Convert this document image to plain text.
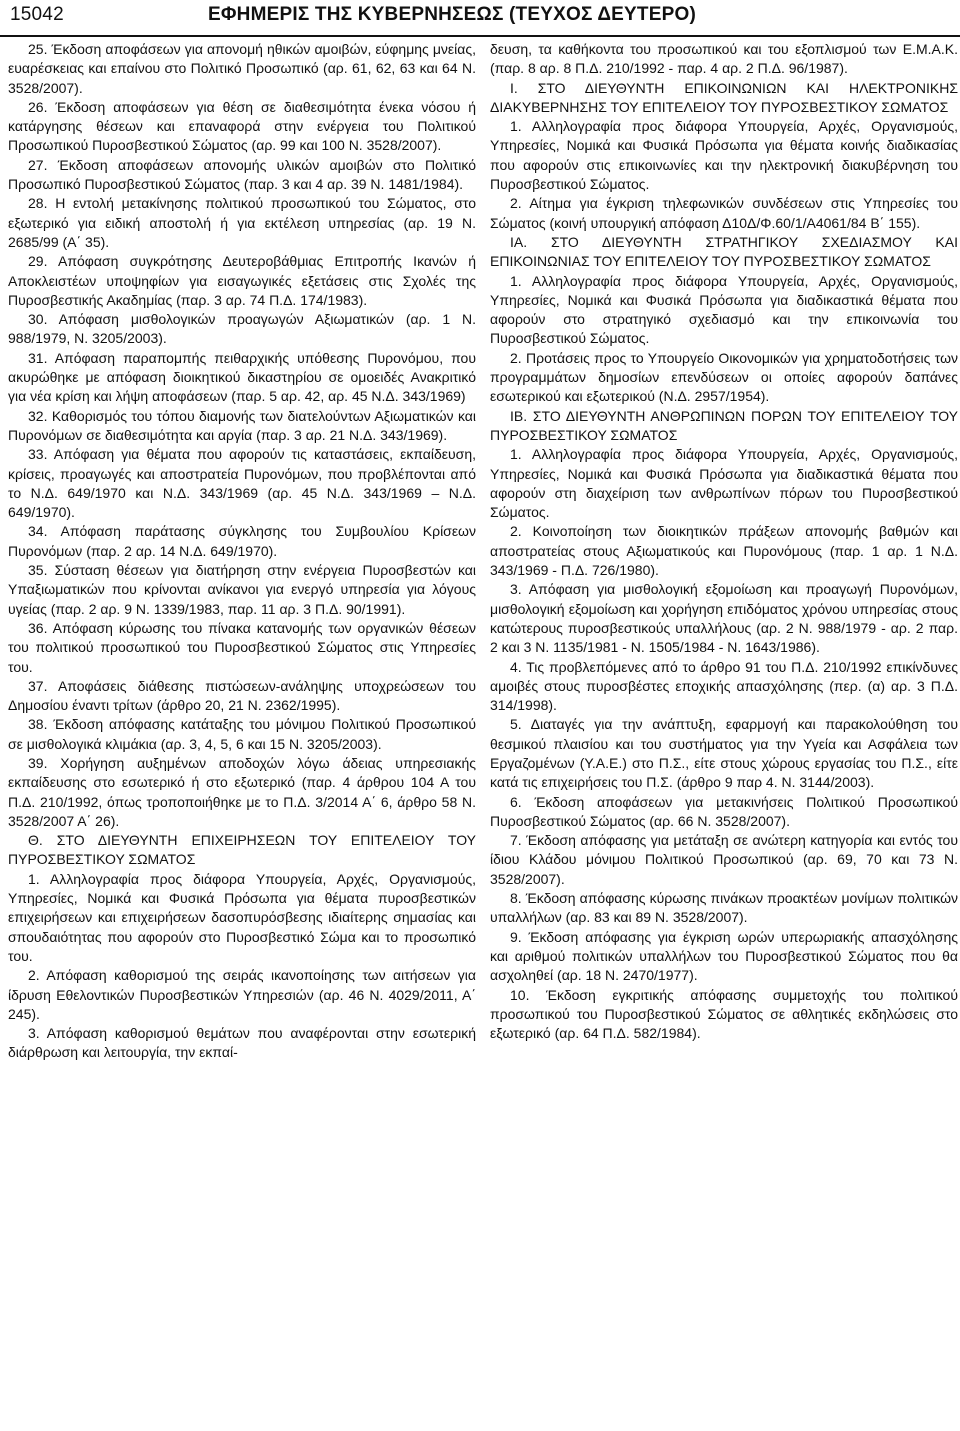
15042	ΕΦΗΜΕΡΙΣ ΤΗΣ ΚΥΒΕΡΝΗΣΕΩΣ (ΤΕΥΧΟΣ ΔΕΥΤΕΡΟ)

25. Έκδοση αποφάσεων για απονομή ηθικών αμοιβών, εύφημης μνείας, ευαρέσκειας και επαίνου στο Πολιτικό Προσωπικό (αρ. 61, 62, 63 και 64 Ν. 3528/2007).

26. Έκδοση αποφάσεων για θέση σε διαθεσιμότητα ένεκα νόσου ή κατάργησης θέσεων και επαναφορά στην ενέργεια του Πολιτικού Προσωπικού Πυροσβεστικού Σώματος (αρ. 99 και 100 Ν. 3528/2007).

27. Έκδοση αποφάσεων απονομής υλικών αμοιβών στο Πολιτικό Προσωπικό Πυροσβεστικού Σώματος (παρ. 3 και 4 αρ. 39 Ν. 1481/1984).

28. Η εντολή μετακίνησης πολιτικού προσωπικού του Σώματος, στο εξωτερικό για ειδική αποστολή ή για εκτέλεση υπηρεσίας (αρ. 19 Ν. 2685/99 (Α΄ 35).

29. Απόφαση συγκρότησης Δευτεροβάθμιας Επιτροπής Ικανών ή Αποκλειστέων υποψηφίων για εισαγωγικές εξετάσεις στις Σχολές της Πυροσβεστικής Ακαδημίας (παρ. 3 αρ. 74 Π.Δ. 174/1983).

30. Απόφαση μισθολογικών προαγωγών Αξιωματικών (αρ. 1 Ν. 988/1979, Ν. 3205/2003).

31. Απόφαση παραπομπής πειθαρχικής υπόθεσης Πυρονόμου, που ακυρώθηκε με απόφαση διοικητικού δικαστηρίου σε ομοειδές Ανακριτικό για νέα κρίση και λήψη αποφάσεων (παρ. 5 αρ. 42, αρ. 45 Ν.Δ. 343/1969)

32. Καθορισμός του τόπου διαμονής των διατελούντων Αξιωματικών και Πυρονόμων σε διαθεσιμότητα και αργία (παρ. 3 αρ. 21 Ν.Δ. 343/1969).

33. Απόφαση για θέματα που αφορούν τις καταστάσεις, εκπαίδευση, κρίσεις, προαγωγές και αποστρατεία Πυρονόμων, που προβλέπονται από το Ν.Δ. 649/1970 και Ν.Δ. 343/1969 (αρ. 45 Ν.Δ. 343/1969 – Ν.Δ. 649/1970).

34. Απόφαση παράτασης σύγκλησης του Συμβουλίου Κρίσεων Πυρονόμων (παρ. 2 αρ. 14 Ν.Δ. 649/1970).

35. Σύσταση θέσεων για διατήρηση στην ενέργεια Πυροσβεστών και Υπαξιωματικών που κρίνονται ανίκανοι για ενεργό υπηρεσία για λόγους υγείας (παρ. 2 αρ. 9 Ν. 1339/1983, παρ. 11 αρ. 3 Π.Δ. 90/1991).

36. Απόφαση κύρωσης του πίνακα κατανομής των οργανικών θέσεων του πολιτικού προσωπικού του Πυροσβεστικού Σώματος στις Υπηρεσίες του.

37. Αποφάσεις διάθεσης πιστώσεων-ανάληψης υποχρεώσεων του Δημοσίου έναντι τρίτων (άρθρο 20, 21 Ν. 2362/1995).

38. Έκδοση απόφασης κατάταξης του μόνιμου Πολιτικού Προσωπικού σε μισθολογικά κλιμάκια (αρ. 3, 4, 5, 6 και 15 Ν. 3205/2003).

39. Χορήγηση αυξημένων αποδοχών λόγω άδειας υπηρεσιακής εκπαίδευσης στο εσωτερικό ή στο εξωτερικό (παρ. 4 άρθρου 104 Α του Π.Δ. 210/1992, όπως τροποποιήθηκε με το Π.Δ. 3/2014 Α΄ 6, άρθρο 58 Ν. 3528/2007 Α΄ 26).

Θ. ΣΤΟ ΔΙΕΥΘΥΝΤΗ ΕΠΙΧΕΙΡΗΣΕΩΝ ΤΟΥ ΕΠΙΤΕΛΕΙΟΥ ΤΟΥ ΠΥΡΟΣΒΕΣΤΙΚΟΥ ΣΩΜΑΤΟΣ

1. Αλληλογραφία προς διάφορα Υπουργεία, Αρχές, Οργανισμούς, Υπηρεσίες, Νομικά και Φυσικά Πρόσωπα για θέματα πυροσβεστικών επιχειρήσεων και επιχειρήσεων δασοπυρόσβεσης ιδιαίτερης σημασίας και σπουδαιότητας που αφορούν στο Πυροσβεστικό Σώμα και το προσωπικό του.

2. Απόφαση καθορισμού της σειράς ικανοποίησης των αιτήσεων για ίδρυση Εθελοντικών Πυροσβεστικών Υπηρεσιών (αρ. 46 Ν. 4029/2011, Α΄ 245).

3. Απόφαση καθορισμού θεμάτων που αναφέρονται στην εσωτερική διάρθρωση και λειτουργία, την εκπαί-

δευση, τα καθήκοντα του προσωπικού και του εξοπλισμού των Ε.Μ.Α.Κ. (παρ. 8 αρ. 8 Π.Δ. 210/1992 - παρ. 4 αρ. 2 Π.Δ. 96/1987).

Ι. ΣΤΟ ΔΙΕΥΘΥΝΤΗ ΕΠΙΚΟΙΝΩΝΙΩΝ ΚΑΙ ΗΛΕΚΤΡΟΝΙΚΗΣ ΔΙΑΚΥΒΕΡΝΗΣΗΣ ΤΟΥ ΕΠΙΤΕΛΕΙΟΥ ΤΟΥ ΠΥΡΟΣΒΕΣΤΙΚΟΥ ΣΩΜΑΤΟΣ

1. Αλληλογραφία προς διάφορα Υπουργεία, Αρχές, Οργανισμούς, Υπηρεσίες, Νομικά και Φυσικά Πρόσωπα για θέματα κοινής διαδικασίας που αφορούν στις επικοινωνίες και την ηλεκτρονική διακυβέρνηση του Πυροσβεστικού Σώματος.

2. Αίτημα για έγκριση τηλεφωνικών συνδέσεων στις Υπηρεσίες του Σώματος (κοινή υπουργική απόφαση Δ10Δ/Φ.60/1/Α4061/84 Β΄ 155).

ΙΑ. ΣΤΟ ΔΙΕΥΘΥΝΤΗ ΣΤΡΑΤΗΓΙΚΟΥ ΣΧΕΔΙΑΣΜΟΥ ΚΑΙ ΕΠΙΚΟΙΝΩΝΙΑΣ ΤΟΥ ΕΠΙΤΕΛΕΙΟΥ ΤΟΥ ΠΥΡΟΣΒΕΣΤΙΚΟΥ ΣΩΜΑΤΟΣ

1. Αλληλογραφία προς διάφορα Υπουργεία, Αρχές, Οργανισμούς, Υπηρεσίες, Νομικά και Φυσικά Πρόσωπα για διαδικαστικά θέματα που αφορούν στο στρατηγικό σχεδιασμό και την επικοινωνία του Πυροσβεστικού Σώματος.

2. Προτάσεις προς το Υπουργείο Οικονομικών για χρηματοδοτήσεις των προγραμμάτων δημοσίων επενδύσεων οι οποίες αφορούν δαπάνες εσωτερικού και εξωτερικού (Ν.Δ. 2957/1954).

ΙΒ. ΣΤΟ ΔΙΕΥΘΥΝΤΗ ΑΝΘΡΩΠΙΝΩΝ ΠΟΡΩΝ ΤΟΥ ΕΠΙΤΕΛΕΙΟΥ ΤΟΥ ΠΥΡΟΣΒΕΣΤΙΚΟΥ ΣΩΜΑΤΟΣ

1. Αλληλογραφία προς διάφορα Υπουργεία, Αρχές, Οργανισμούς, Υπηρεσίες, Νομικά και Φυσικά Πρόσωπα για διαδικαστικά θέματα που αφορούν στη διαχείριση των ανθρωπίνων πόρων του Πυροσβεστικού Σώματος.

2. Κοινοποίηση των διοικητικών πράξεων απονομής βαθμών και αποστρατείας στους Αξιωματικούς και Πυρονόμους (παρ. 1 αρ. 1 Ν.Δ. 343/1969 - Π.Δ. 726/1980).

3. Απόφαση για μισθολογική εξομοίωση και προαγωγή Πυρονόμων, μισθολογική εξομοίωση και χορήγηση επιδόματος χρόνου υπηρεσίας στους κατώτερους πυροσβεστικούς υπαλλήλους (αρ. 2 Ν. 988/1979 - αρ. 2 παρ. 2 και 3 Ν. 1135/1981 - Ν. 1505/1984 - Ν. 1643/1986).

4. Τις προβλεπόμενες από το άρθρο 91 του Π.Δ. 210/1992 επικίνδυνες αμοιβές στους πυροσβέστες εποχικής απασχόλησης (περ. (α) αρ. 3 Π.Δ. 314/1998).

5. Διαταγές για την ανάπτυξη, εφαρμογή και παρακολούθηση του θεσμικού πλαισίου και του συστήματος για την Υγεία και Ασφάλεια των Εργαζομένων (Υ.Α.Ε.) στο Π.Σ., είτε στους χώρους εργασίας του Π.Σ., είτε κατά τις επιχειρήσεις του Π.Σ. (άρθρο 9 παρ 4. Ν. 3144/2003).

6. Έκδοση αποφάσεων για μετακινήσεις Πολιτικού Προσωπικού Πυροσβεστικού Σώματος (αρ. 66 Ν. 3528/2007).

7. Έκδοση απόφασης για μετάταξη σε ανώτερη κατηγορία και εντός του ίδιου Κλάδου μόνιμου Πολιτικού Προσωπικού (αρ. 69, 70 και 73 Ν. 3528/2007).

8. Έκδοση απόφασης κύρωσης πινάκων προακτέων μονίμων πολιτικών υπαλλήλων (αρ. 83 και 89 Ν. 3528/2007).

9. Έκδοση απόφασης για έγκριση ωρών υπερωριακής απασχόλησης και αριθμού πολιτικών υπαλλήλων του Πυροσβεστικού Σώματος που θα ασχοληθεί (αρ. 18 Ν. 2470/1977).

10. Έκδοση εγκριτικής απόφασης συμμετοχής του πολιτικού προσωπικού του Πυροσβεστικού Σώματος σε αθλητικές εκδηλώσεις στο εξωτερικό (αρ. 64 Π.Δ. 582/1984).
